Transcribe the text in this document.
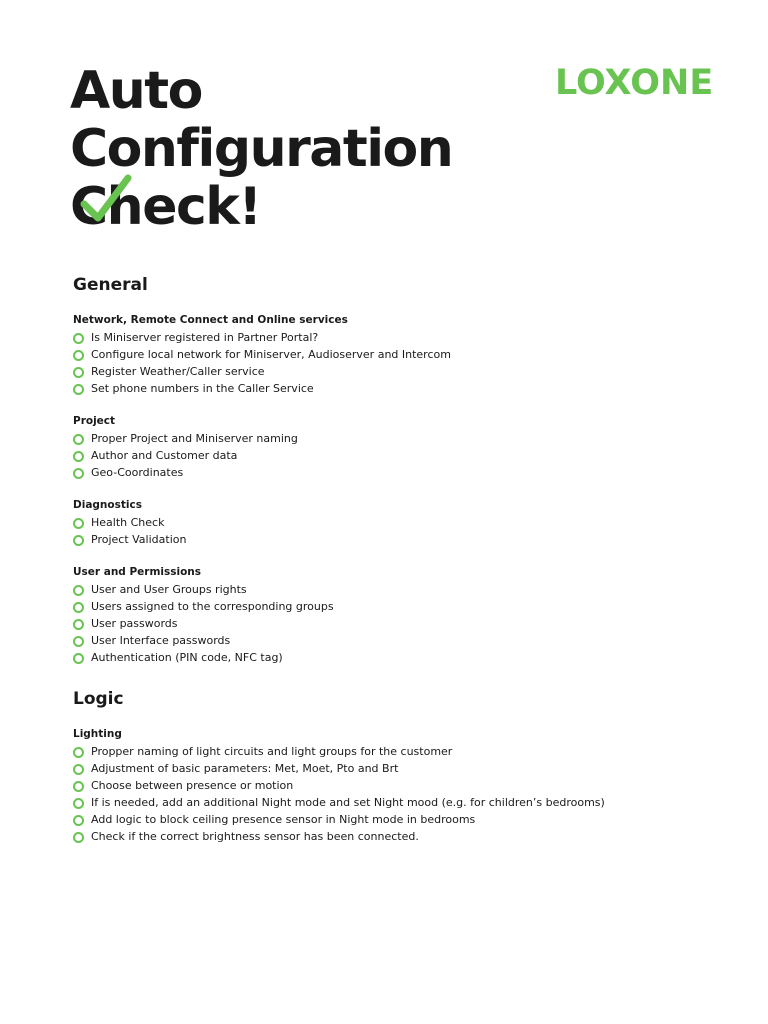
Auto
Configuration
C
heck!
LOXONE
General
Network, Remote Connect and Online services
Is Miniserver registered in Partner Portal?
Configure local network for Miniserver, Audioserver and Intercom
Register Weather/Caller service
Set phone numbers in the Caller Service
Project
Proper Project and Miniserver naming
Author and Customer data
Geo-Coordinates
Diagnostics
Health Check
Project Validation
User and Permissions
User and User Groups rights
Users assigned to the corresponding groups
User passwords
User Interface passwords
Authentication (PIN code, NFC tag)
Logic
Lighting
Propper naming of light circuits and light groups for the customer
Adjustment of basic parameters: Met, Moet, Pto and Brt
Choose between presence or motion
If is needed, add an additional Night mode and set Night mood (e.g. for children’s bedrooms)
Add logic to block ceiling presence sensor in Night mode in bedrooms
Check if the correct brightness sensor has been connected.
